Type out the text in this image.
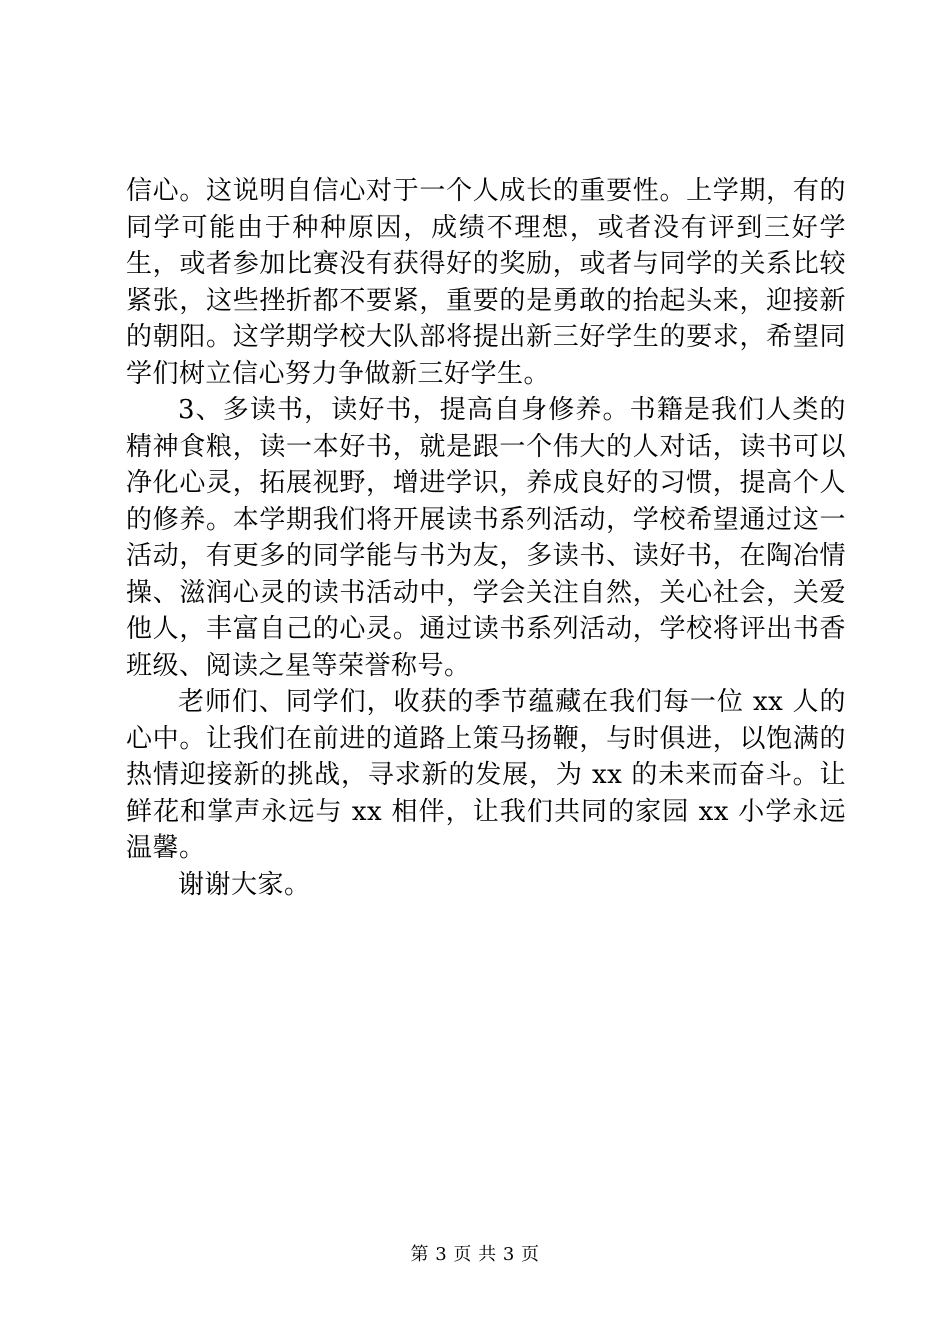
信心。这说明自信心对于一个人成长的重要性。上学期，有的同学可能由于种种原因，成绩不理想，或者没有评到三好学生，或者参加比赛没有获得好的奖励，或者与同学的关系比较紧张，这些挫折都不要紧，重要的是勇敢的抬起头来，迎接新的朝阳。这学期学校大队部将提出新三好学生的要求，希望同学们树立信心努力争做新三好学生。

3、多读书，读好书，提高自身修养。书籍是我们人类的精神食粮，读一本好书，就是跟一个伟大的人对话，读书可以净化心灵，拓展视野，增进学识，养成良好的习惯，提高个人的修养。本学期我们将开展读书系列活动，学校希望通过这一活动，有更多的同学能与书为友，多读书、读好书，在陶冶情操、滋润心灵的读书活动中，学会关注自然，关心社会，关爱他人，丰富自己的心灵。通过读书系列活动，学校将评出书香班级、阅读之星等荣誉称号。

老师们、同学们，收获的季节蕴藏在我们每一位 xx 人的心中。让我们在前进的道路上策马扬鞭，与时俱进，以饱满的热情迎接新的挑战，寻求新的发展，为 xx 的未来而奋斗。让鲜花和掌声永远与 xx 相伴，让我们共同的家园 xx 小学永远温馨。

谢谢大家。

第 3 页 共 3 页
